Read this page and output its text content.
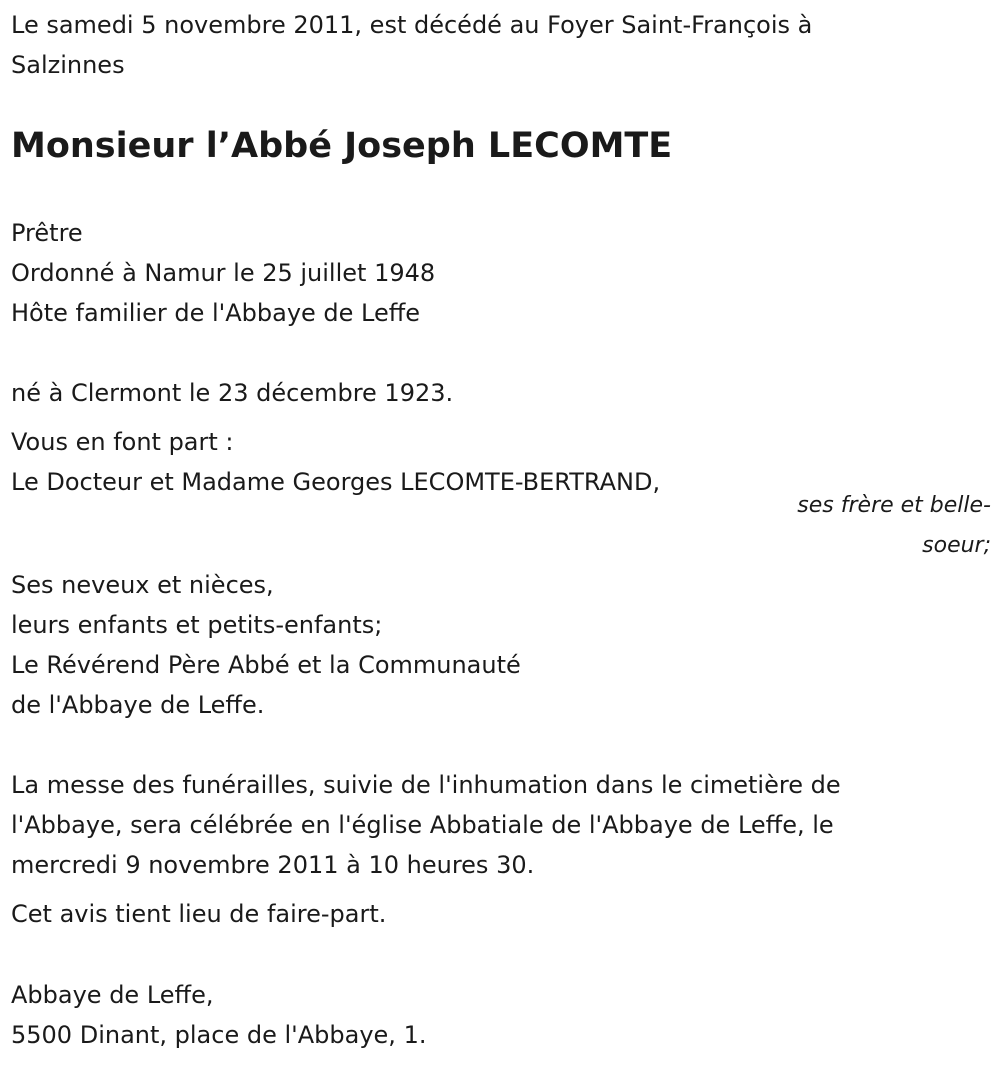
Le samedi 5 novembre 2011, est décédé au Foyer Saint-François à
Salzinnes
Monsieur l’Abbé Joseph LECOMTE
Prêtre
Ordonné à Namur le 25 juillet 1948
Hôte familier de l'Abbaye de Leffe
né à Clermont le 23 décembre 1923.
Vous en font part :
Le Docteur et Madame Georges LECOMTE-BERTRAND,
ses frère et belle-
soeur;
Ses neveux et nièces,
leurs enfants et petits-enfants;
Le Révérend Père Abbé et la Communauté
de l'Abbaye de Leffe.
La messe des funérailles, suivie de l'inhumation dans le cimetière de
l'Abbaye, sera célébrée en l'église Abbatiale de l'Abbaye de Leffe, le
mercredi 9 novembre 2011 à 10 heures 30.
Cet avis tient lieu de faire-part.
Abbaye de Leffe,
5500 Dinant, place de l'Abbaye, 1.
